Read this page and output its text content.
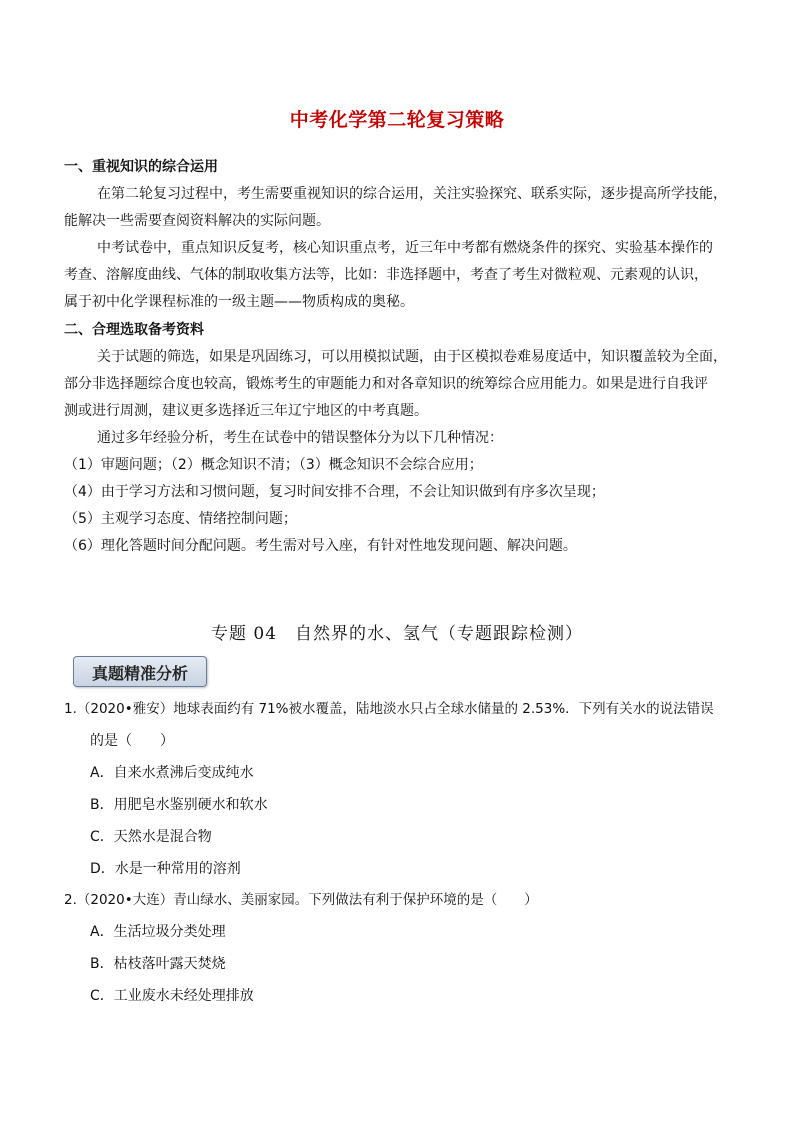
中考化学第二轮复习策略
一、重视知识的综合运用
在第二轮复习过程中，考生需要重视知识的综合运用，关注实验探究、联系实际，逐步提高所学技能，
能解决一些需要查阅资料解决的实际问题。
中考试卷中，重点知识反复考，核心知识重点考，近三年中考都有燃烧条件的探究、实验基本操作的
考查、溶解度曲线、气体的制取收集方法等，比如：非选择题中，考查了考生对微粒观、元素观的认识，
属于初中化学课程标准的一级主题——物质构成的奥秘。
二、合理选取备考资料
关于试题的筛选，如果是巩固练习，可以用模拟试题，由于区模拟卷难易度适中，知识覆盖较为全面，
部分非选择题综合度也较高，锻炼考生的审题能力和对各章知识的统筹综合应用能力。如果是进行自我评
测或进行周测，建议更多选择近三年辽宁地区的中考真题。
通过多年经验分析，考生在试卷中的错误整体分为以下几种情况：
（1）审题问题；（2）概念知识不清；（3）概念知识不会综合应用；
（4）由于学习方法和习惯问题，复习时间安排不合理，不会让知识做到有序多次呈现；
（5）主观学习态度、情绪控制问题；
（6）理化答题时间分配问题。考生需对号入座，有针对性地发现问题、解决问题。
专题 04　自然界的水、氢气（专题跟踪检测）
真题精准分析
1.（2020•雅安）地球表面约有 71%被水覆盖，陆地淡水只占全球水储量的 2.53%．下列有关水的说法错误
的是（　　）
A．自来水煮沸后变成纯水
B．用肥皂水鉴别硬水和软水
C．天然水是混合物
D．水是一种常用的溶剂
2.（2020•大连）青山绿水、美丽家园。下列做法有利于保护环境的是（　　）
A．生活垃圾分类处理
B．枯枝落叶露天焚烧
C．工业废水未经处理排放
